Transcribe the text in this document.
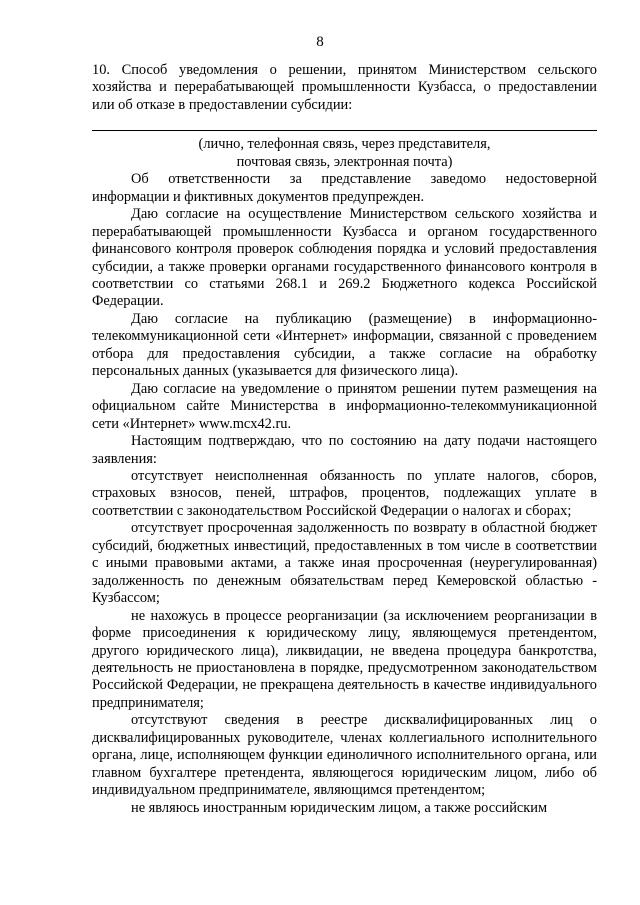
8

10. Способ уведомления о решении, принятом Министерством сельского хозяйства и перерабатывающей промышленности Кузбасса, о предоставлении или об отказе в предоставлении субсидии:

(лично, телефонная связь, через представителя,

почтовая связь, электронная почта)

Об ответственности за представление заведомо недостоверной информации и фиктивных документов предупрежден.

Даю согласие на осуществление Министерством сельского хозяйства и перерабатывающей промышленности Кузбасса и органом государственного финансового контроля проверок соблюдения порядка и условий предоставления субсидии, а также проверки органами государственного финансового контроля в соответствии со статьями 268.1 и 269.2 Бюджетного кодекса Российской Федерации.

Даю согласие на публикацию (размещение) в информационно-телекоммуникационной сети «Интернет» информации, связанной с проведением отбора для предоставления субсидии, а также согласие на обработку персональных данных (указывается для физического лица).

Даю согласие на уведомление о принятом решении путем размещения на официальном сайте Министерства в информационно-телекоммуникационной сети «Интернет» www.mcx42.ru.

Настоящим подтверждаю, что по состоянию на дату подачи настоящего заявления:

отсутствует неисполненная обязанность по уплате налогов, сборов, страховых взносов, пеней, штрафов, процентов, подлежащих уплате в соответствии с законодательством Российской Федерации о налогах и сборах;

отсутствует просроченная задолженность по возврату в областной бюджет субсидий, бюджетных инвестиций, предоставленных в том числе в соответствии с иными правовыми актами, а также иная просроченная (неурегулированная) задолженность по денежным обязательствам перед Кемеровской областью - Кузбассом;

не нахожусь в процессе реорганизации (за исключением реорганизации в форме присоединения к юридическому лицу, являющемуся претендентом, другого юридического лица), ликвидации, не введена процедура банкротства, деятельность не приостановлена в порядке, предусмотренном законодательством Российской Федерации, не прекращена деятельность в качестве индивидуального предпринимателя;

отсутствуют сведения в реестре дисквалифицированных лиц о дисквалифицированных руководителе, членах коллегиального исполнительного органа, лице, исполняющем функции единоличного исполнительного органа, или главном бухгалтере претендента, являющегося юридическим лицом, либо об индивидуальном предпринимателе, являющимся претендентом;

не являюсь иностранным юридическим лицом, а также российским
